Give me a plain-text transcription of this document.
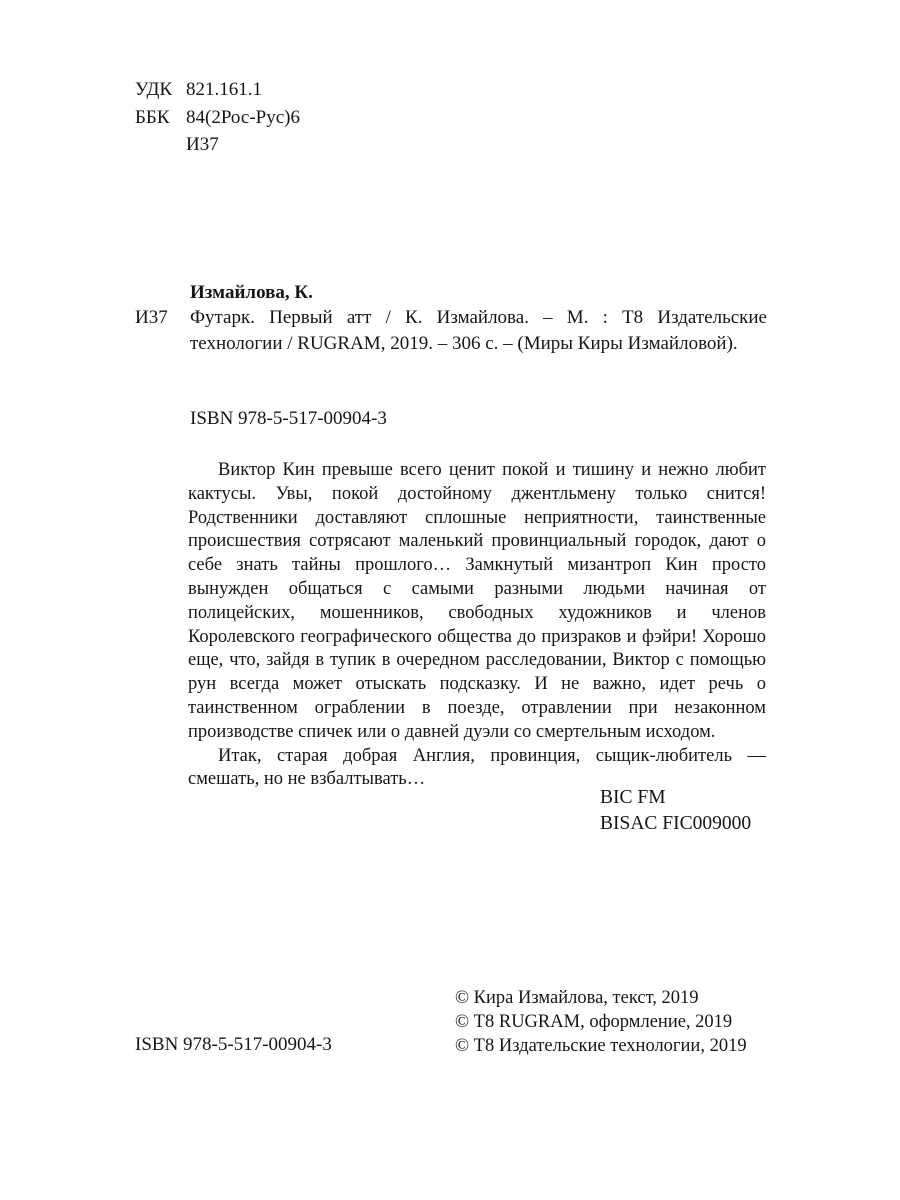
УДК 821.161.1
ББК 84(2Рос-Рус)6
И37
Измайлова, К.
И37 Футарк. Первый атт / К. Измайлова. – М. : Т8 Издательские технологии / RUGRAM, 2019. – 306 с. – (Миры Киры Измайловой).
ISBN 978-5-517-00904-3

Виктор Кин превыше всего ценит покой и тишину и нежно любит кактусы. Увы, покой достойному джентльмену только снится! Родственники доставляют сплошные неприятности, таинственные происшествия сотрясают маленький провинциальный городок, дают о себе знать тайны прошлого… Замкнутый мизантроп Кин просто вынужден общаться с самыми разными людьми начиная от полицейских, мошенников, свободных художников и членов Королевского географического общества до призраков и фэйри! Хорошо еще, что, зайдя в тупик в очередном расследовании, Виктор с помощью рун всегда может отыскать подсказку. И не важно, идет речь о таинственном ограблении в поезде, отравлении при незаконном производстве спичек или о давней дуэли со смертельным исходом.

Итак, старая добрая Англия, провинция, сыщик-любитель — смешать, но не взбалтывать…

BIC FM
BISAC FIC009000
© Кира Измайлова, текст, 2019
© Т8 RUGRAM, оформление, 2019
© Т8 Издательские технологии, 2019
ISBN 978-5-517-00904-3
